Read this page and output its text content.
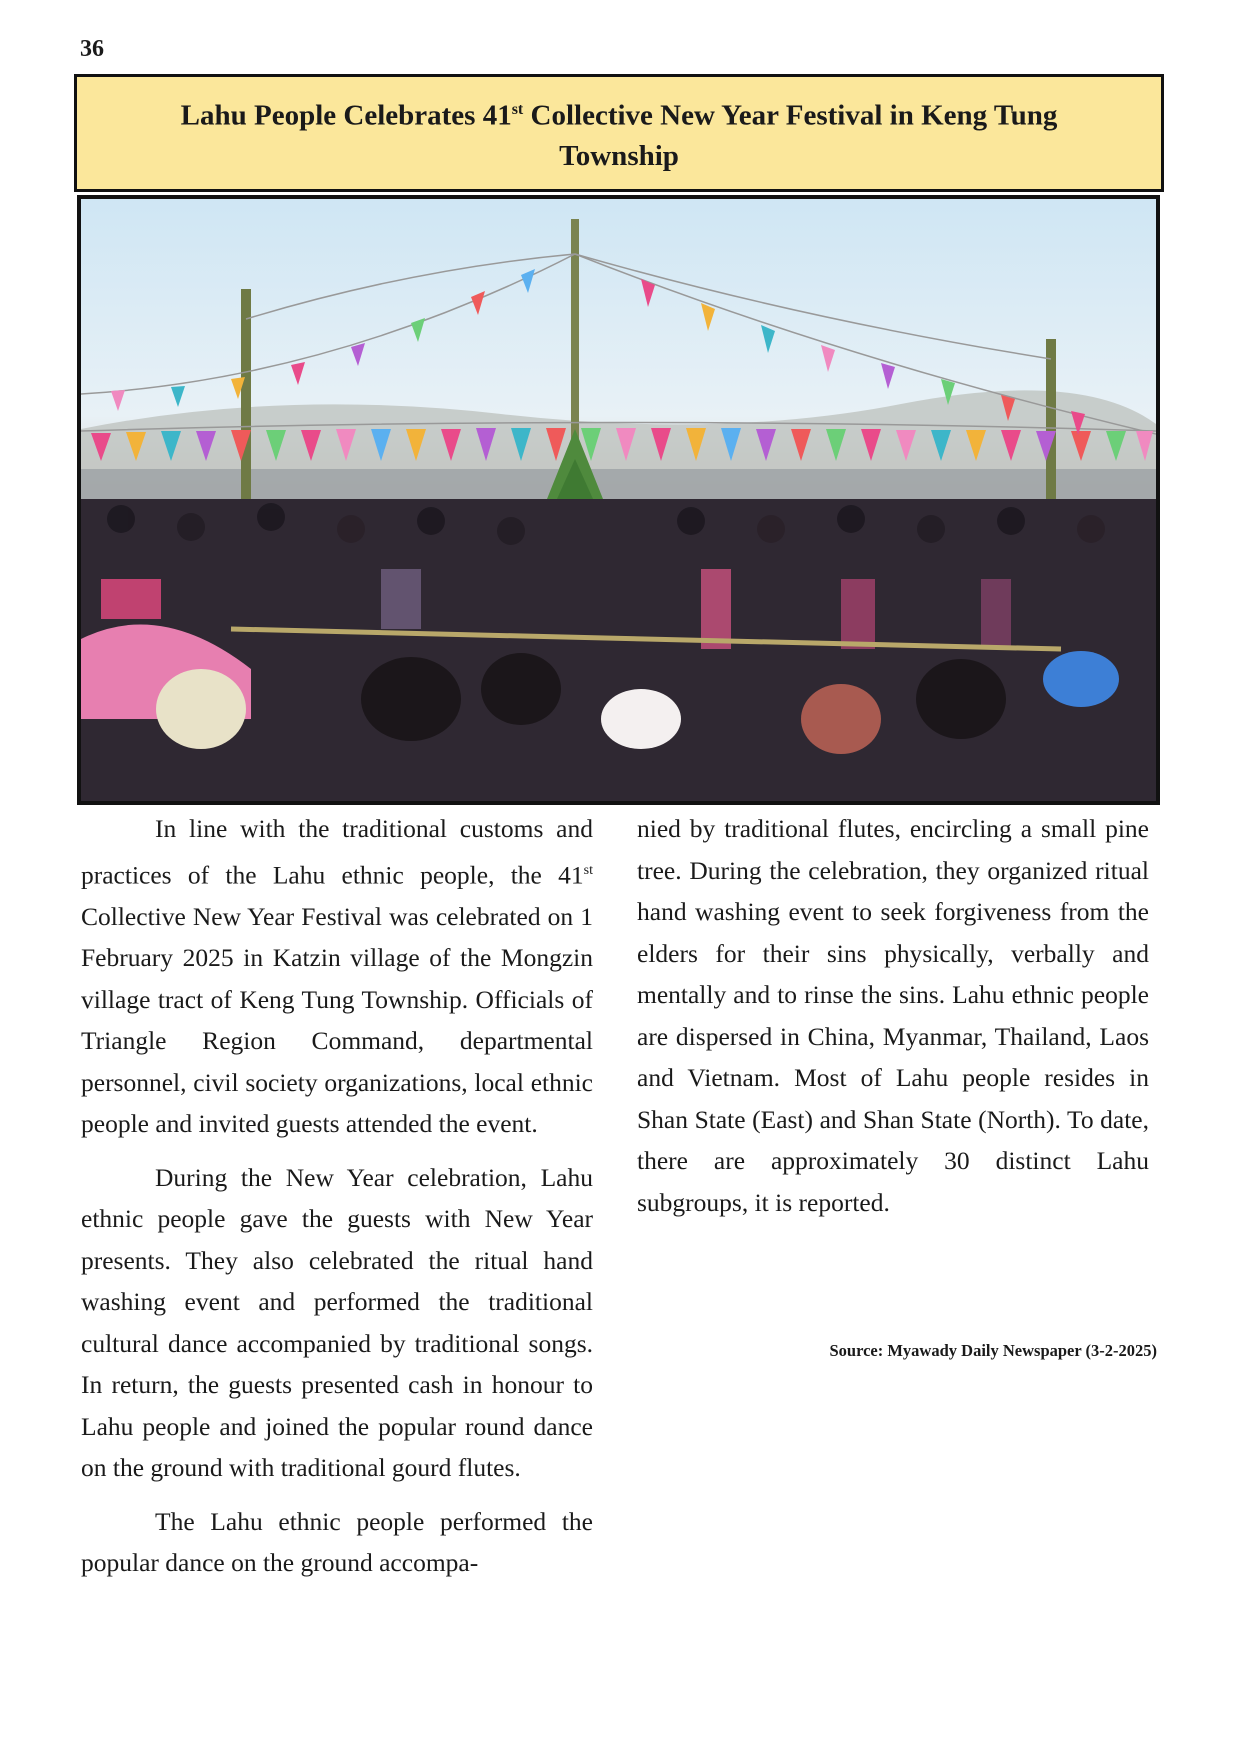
36
Lahu People Celebrates 41st Collective New Year Festival in Keng Tung
Township

In line with the traditional customs and practices of the Lahu ethnic people, the 41st Collective New Year Festival was celebrated on 1 February 2025 in Katzin village of the Mongzin village tract of Keng Tung Township. Officials of Triangle Region Command, departmental personnel, civil society organizations, local ethnic people and invited guests attended the event.

During the New Year celebration, Lahu ethnic people gave the guests with New Year presents. They also celebrated the ritual hand washing event and performed the traditional cultural dance accompanied by traditional songs. In return, the guests presented cash in honour to Lahu people and joined the popular round dance on the ground with traditional gourd flutes.

The Lahu ethnic people performed the popular dance on the ground accompa-

nied by traditional flutes, encircling a small pine tree. During the celebration, they organized ritual hand washing event to seek forgiveness from the elders for their sins physically, verbally and mentally and to rinse the sins. Lahu ethnic people are dispersed in China, Myanmar, Thailand, Laos and Vietnam. Most of Lahu people resides in Shan State (East) and Shan State (North). To date, there are approximately 30 distinct Lahu subgroups, it is reported.

Source: Myawady Daily Newspaper (3-2-2025)
